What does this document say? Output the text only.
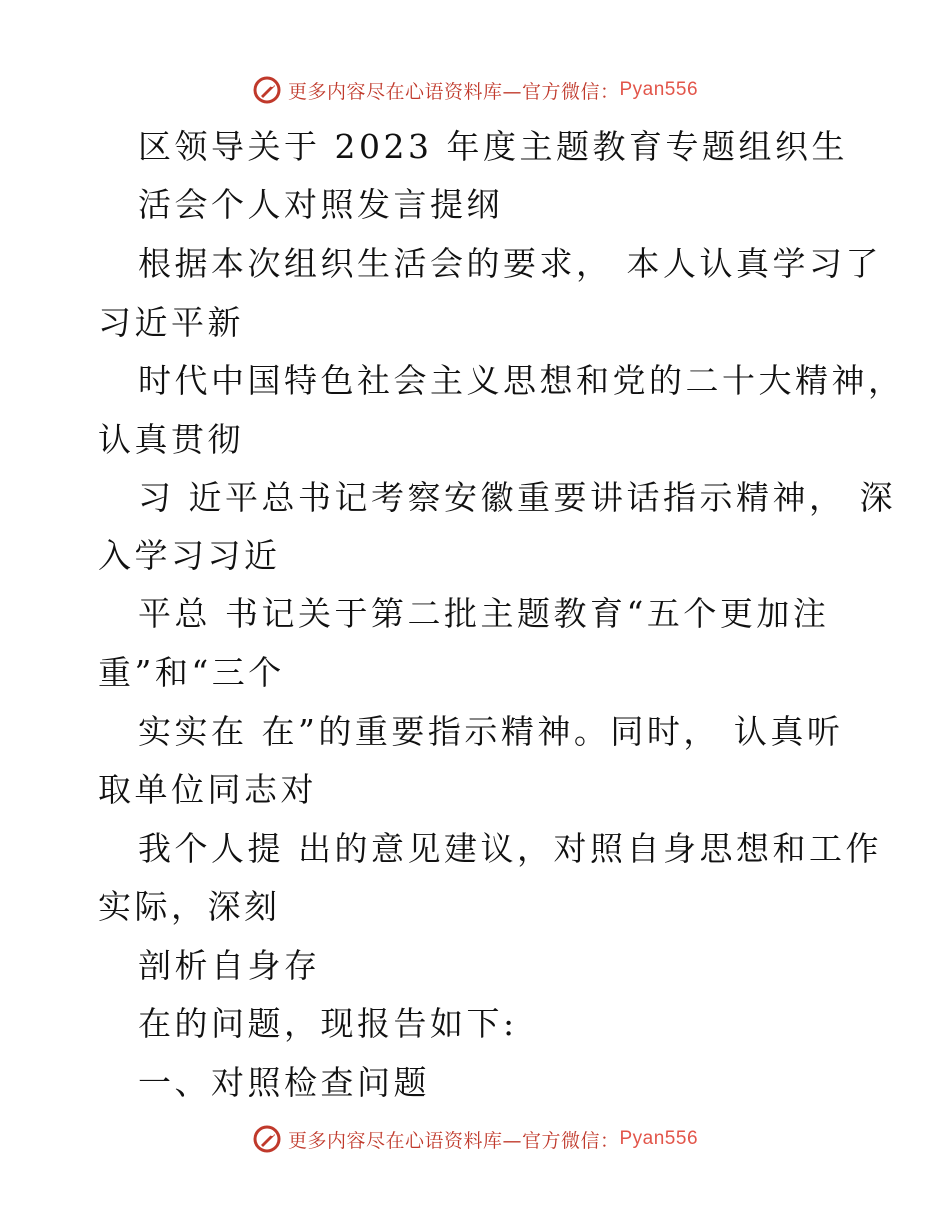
更多内容尽在心语资料库—官方微信： Pyan556
区领导关于 2023 年度主题教育专题组织生
活会个人对照发言提纲
根据本次组织生活会的要求， 本人认真学习了
习近平新
时代中国特色社会主义思想和党的二十大精神，
认真贯彻
习 近平总书记考察安徽重要讲话指示精神， 深
入学习习近
平总 书记关于第二批主题教育“五个更加注
重”和“三个
实实在 在”的重要指示精神。同时， 认真听
取单位同志对
我个人提 出的意见建议，对照自身思想和工作
实际，深刻
剖析自身存
在的问题，现报告如下:
一、对照检查问题
更多内容尽在心语资料库—官方微信： Pyan556
